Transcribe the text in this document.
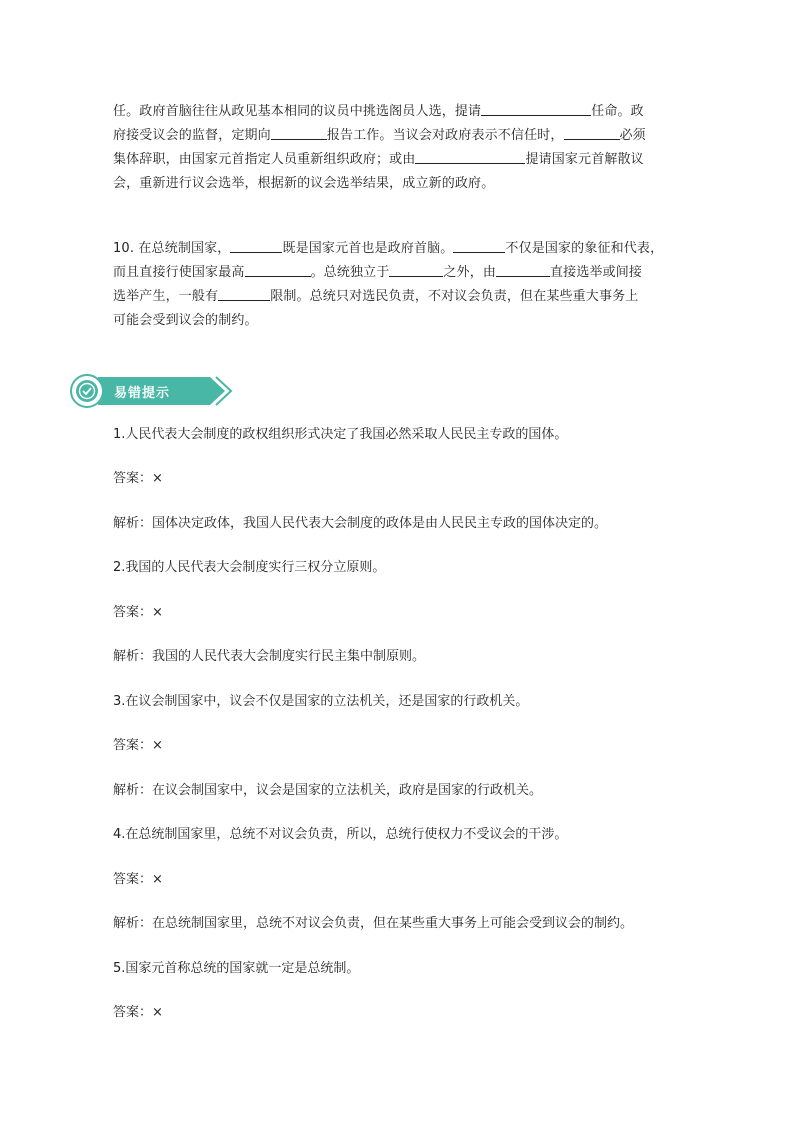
任。政府首脑往往从政见基本相同的议员中挑选阁员人选，提请	任命。政
府接受议会的监督，定期向	报告工作。当议会对政府表示不信任时，	必须
集体辞职，由国家元首指定人员重新组织政府；或由	提请国家元首解散议
会，重新进行议会选举，根据新的议会选举结果，成立新的政府。
10. 在总统制国家，	既是国家元首也是政府首脑。	不仅是国家的象征和代表，
而且直接行使国家最高	。总统独立于	之外，由	直接选举或间接
选举产生，一般有	限制。总统只对选民负责，不对议会负责，但在某些重大事务上
可能会受到议会的制约。
易错提示

1.人民代表大会制度的政权组织形式决定了我国必然采取人民民主专政的国体。

答案：×

解析：国体决定政体，我国人民代表大会制度的政体是由人民民主专政的国体决定的。

2.我国的人民代表大会制度实行三权分立原则。

答案：×

解析：我国的人民代表大会制度实行民主集中制原则。

3.在议会制国家中，议会不仅是国家的立法机关，还是国家的行政机关。

答案：×

解析：在议会制国家中，议会是国家的立法机关，政府是国家的行政机关。

4.在总统制国家里，总统不对议会负责，所以，总统行使权力不受议会的干涉。

答案：×

解析：在总统制国家里，总统不对议会负责，但在某些重大事务上可能会受到议会的制约。

5.国家元首称总统的国家就一定是总统制。

答案：×
